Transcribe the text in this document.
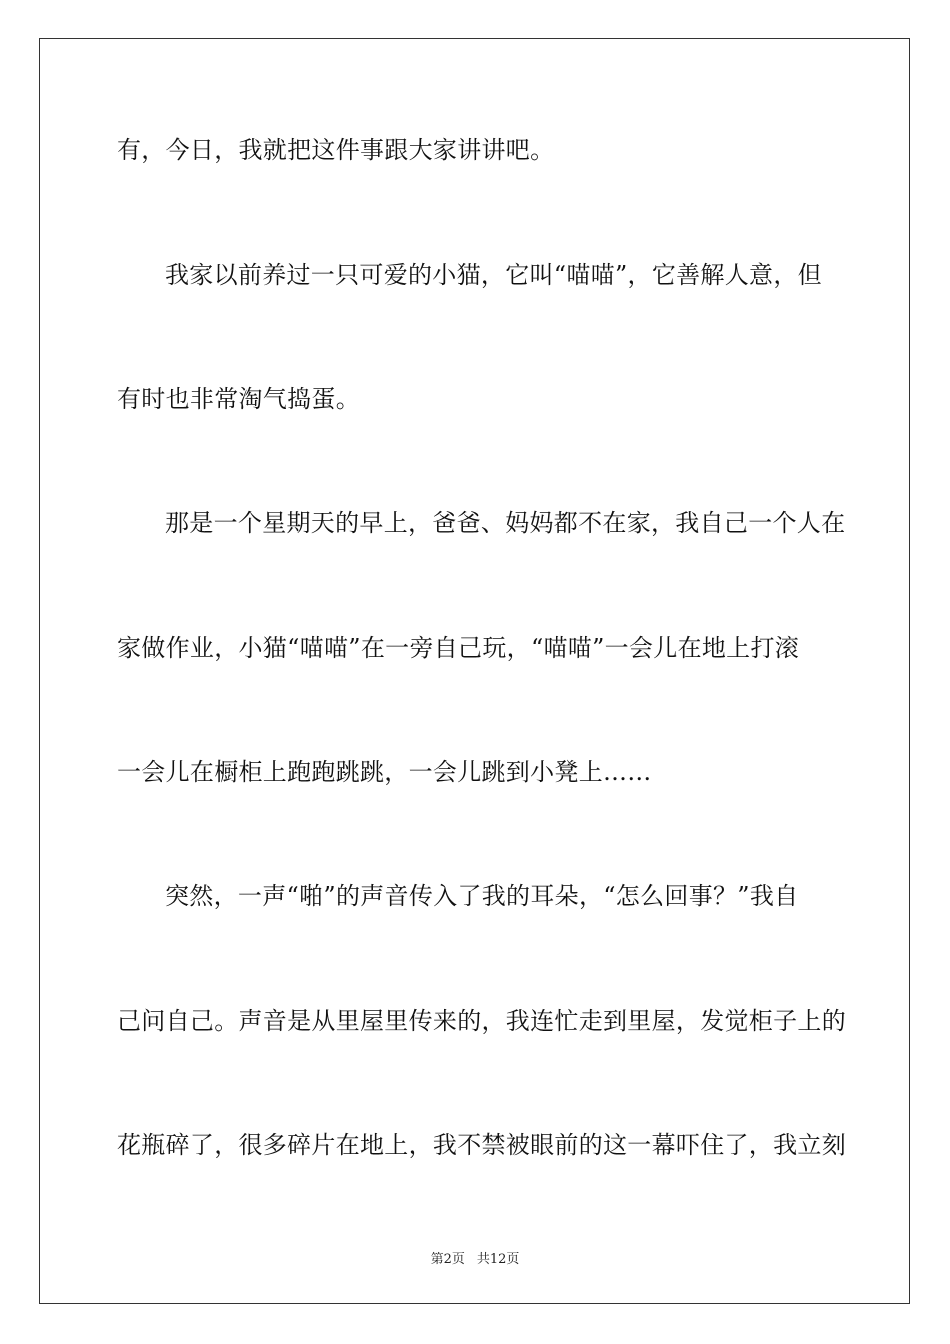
有，今日，我就把这件事跟大家讲讲吧。
我家以前养过一只可爱的小猫，它叫“喵喵”，它善解人意，但
有时也非常淘气捣蛋。
那是一个星期天的早上，爸爸、妈妈都不在家，我自己一个人在
家做作业，小猫“喵喵”在一旁自己玩，“喵喵”一会儿在地上打滚
一会儿在橱柜上跑跑跳跳，一会儿跳到小凳上……
突然，一声“啪”的声音传入了我的耳朵，“怎么回事？”我自
己问自己。声音是从里屋里传来的，我连忙走到里屋，发觉柜子上的
花瓶碎了，很多碎片在地上，我不禁被眼前的这一幕吓住了，我立刻
第2页 共12页
